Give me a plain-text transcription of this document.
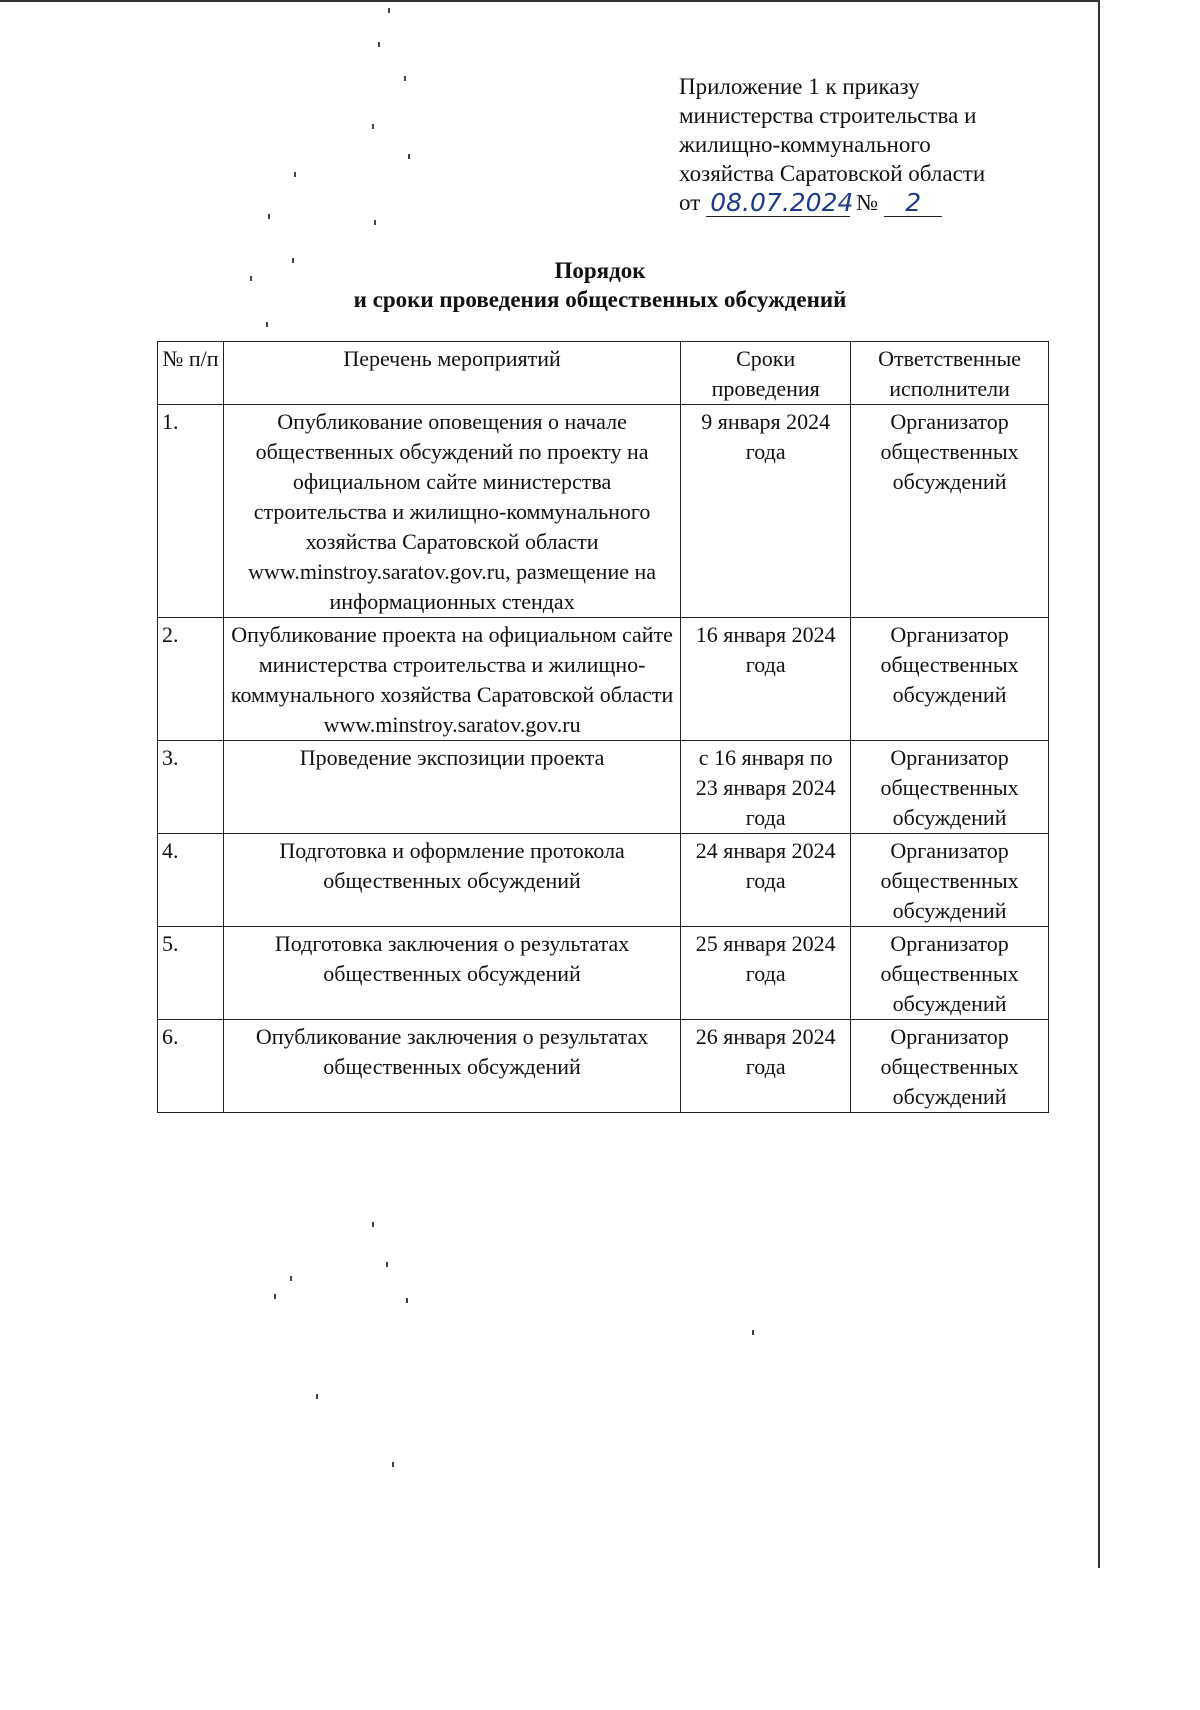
Приложение 1 к приказу
министерства строительства и
жилищно-коммунального
хозяйства Саратовской области
от 08.07.2024 №	2
Порядок
и сроки проведения общественных обсуждений
№ п/п	Перечень мероприятий	Сроки проведения	Ответственные исполнители
1.	Опубликование оповещения о начале общественных обсуждений по проекту на официальном сайте министерства строительства и жилищно-коммунального хозяйства Саратовской области www.minstroy.saratov.gov.ru, размещение на информационных стендах	9 января 2024 года	Организатор общественных обсуждений
2.	Опубликование проекта на официальном сайте министерства строительства и жилищно-коммунального хозяйства Саратовской области www.minstroy.saratov.gov.ru	16 января 2024 года	Организатор общественных обсуждений
3.	Проведение экспозиции проекта	с 16 января по 23 января 2024 года	Организатор общественных обсуждений
4.	Подготовка и оформление протокола общественных обсуждений	24 января 2024 года	Организатор общественных обсуждений
5.	Подготовка заключения о результатах общественных обсуждений	25 января 2024 года	Организатор общественных обсуждений
6.	Опубликование заключения о результатах общественных обсуждений	26 января 2024 года	Организатор общественных обсуждений
